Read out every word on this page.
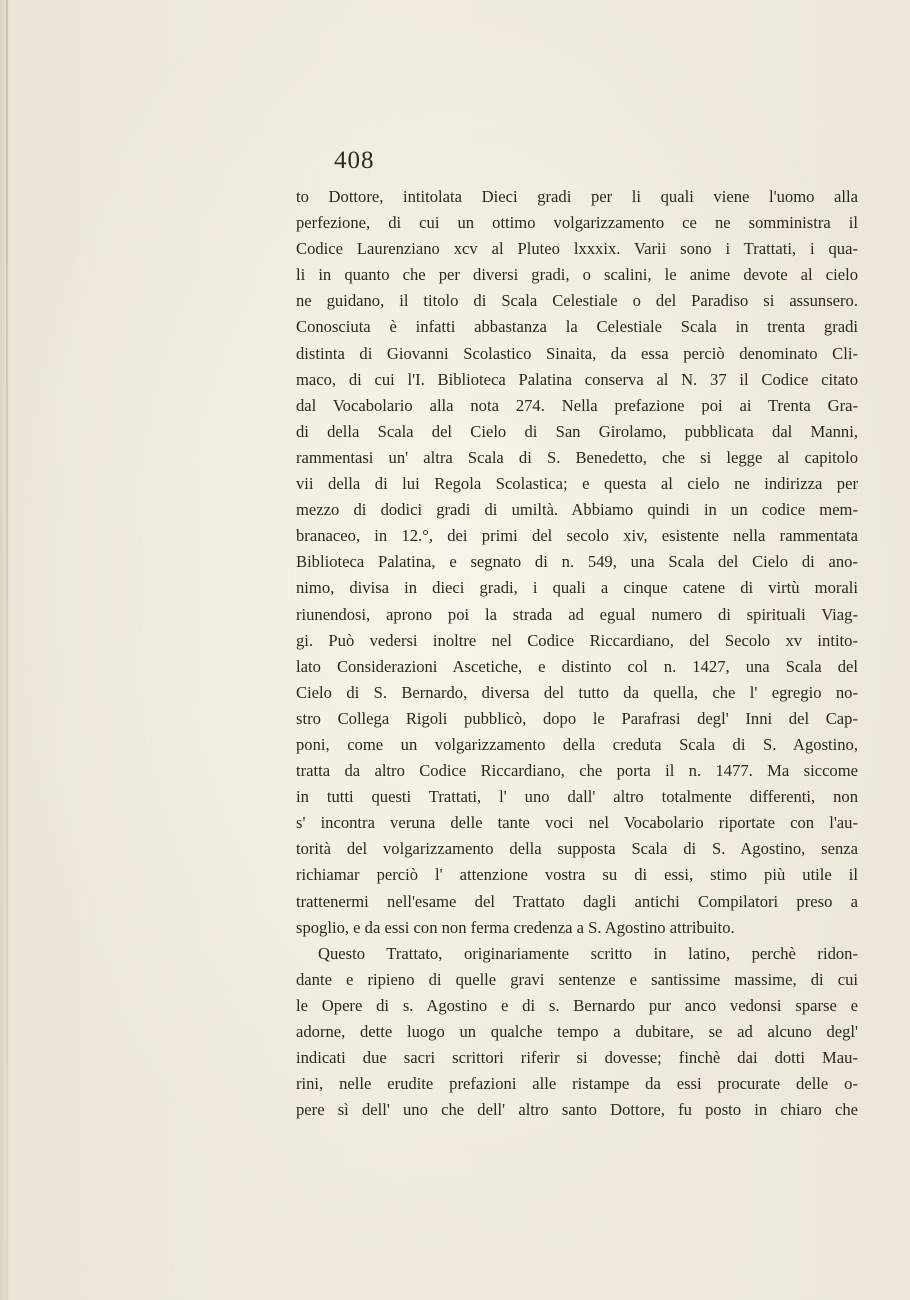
408
to Dottore, intitolata Dieci gradi per li quali viene l'uomo alla
perfezione, di cui un ottimo volgarizzamento ce ne somministra il
Codice Laurenziano xcv al Pluteo lxxxix. Varii sono i Trattati, i qua-
li in quanto che per diversi gradi, o scalini, le anime devote al cielo
ne guidano, il titolo di Scala Celestiale o del Paradiso si assunsero.
Conosciuta è infatti abbastanza la Celestiale Scala in trenta gradi
distinta di Giovanni Scolastico Sinaita, da essa perciò denominato Cli-
maco, di cui l'I. Biblioteca Palatina conserva al N. 37 il Codice citato
dal Vocabolario alla nota 274. Nella prefazione poi ai Trenta Gra-
di della Scala del Cielo di San Girolamo, pubblicata dal Manni,
rammentasi un' altra Scala di S. Benedetto, che si legge al capitolo
vii della di lui Regola Scolastica; e questa al cielo ne indirizza per
mezzo di dodici gradi di umiltà. Abbiamo quindi in un codice mem-
branaceo, in 12.°, dei primi del secolo xiv, esistente nella rammentata
Biblioteca Palatina, e segnato di n. 549, una Scala del Cielo di ano-
nimo, divisa in dieci gradi, i quali a cinque catene di virtù morali
riunendosi, aprono poi la strada ad egual numero di spirituali Viag-
gi. Può vedersi inoltre nel Codice Riccardiano, del Secolo xv intito-
lato Considerazioni Ascetiche, e distinto col n. 1427, una Scala del
Cielo di S. Bernardo, diversa del tutto da quella, che l' egregio no-
stro Collega Rigoli pubblicò, dopo le Parafrasi degl' Inni del Cap-
poni, come un volgarizzamento della creduta Scala di S. Agostino,
tratta da altro Codice Riccardiano, che porta il n. 1477. Ma siccome
in tutti questi Trattati, l' uno dall' altro totalmente differenti, non
s' incontra veruna delle tante voci nel Vocabolario riportate con l'au-
torità del volgarizzamento della supposta Scala di S. Agostino, senza
richiamar perciò l' attenzione vostra su di essi, stimo più utile il
trattenermi nell'esame del Trattato dagli antichi Compilatori preso a
spoglio, e da essi con non ferma credenza a S. Agostino attribuito.
Questo Trattato, originariamente scritto in latino, perchè ridon-
dante e ripieno di quelle gravi sentenze e santissime massime, di cui
le Opere di s. Agostino e di s. Bernardo pur anco vedonsi sparse e
adorne, dette luogo un qualche tempo a dubitare, se ad alcuno degl'
indicati due sacri scrittori riferir si dovesse; finchè dai dotti Mau-
rini, nelle erudite prefazioni alle ristampe da essi procurate delle o-
pere sì dell' uno che dell' altro santo Dottore, fu posto in chiaro che
